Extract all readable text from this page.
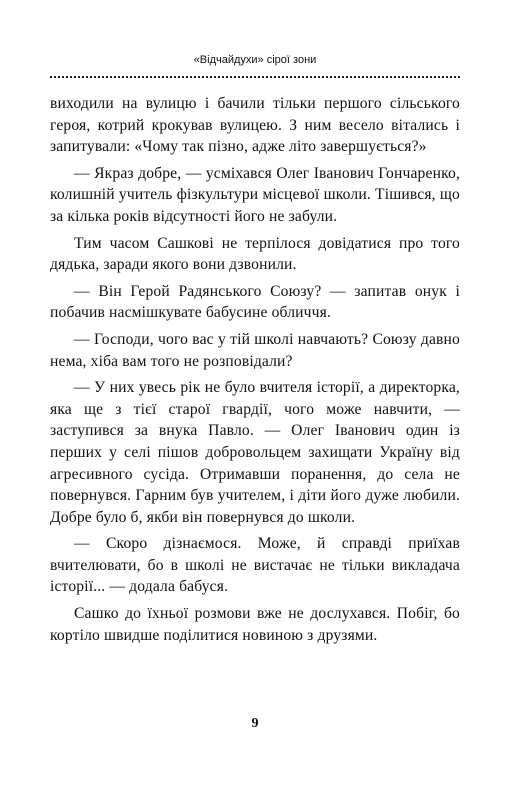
«Відчайдухи» сірої зони

виходили на вулицю і бачили тільки першого сільського героя, котрий крокував вулицею. З ним весело вітались і запитували: «Чому так пізно, адже літо завершується?»

— Якраз добре, — усміхався Олег Іванович Гончаренко, колишній учитель фізкультури місцевої школи. Тішився, що за кілька років відсутності його не забули.

Тим часом Сашкові не терпілося довідатися про того дядька, заради якого вони дзвонили.

— Він Герой Радянського Союзу? — запитав онук і побачив насмішкувате бабусине обличчя.

— Господи, чого вас у тій школі навчають? Союзу давно нема, хіба вам того не розповідали?

— У них увесь рік не було вчителя історії, а директорка, яка ще з тієї старої гвардії, чого може навчити, — заступився за внука Павло. — Олег Іванович один із перших у селі пішов добровольцем захищати Україну від агресивного сусіда. Отримавши поранення, до села не повернувся. Гарним був учителем, і діти його дуже любили. Добре було б, якби він повернувся до школи.

— Скоро дізнаємося. Може, й справді приїхав вчителювати, бо в школі не вистачає не тільки викладача історії... — додала бабуся.

Сашко до їхньої розмови вже не дослухався. Побіг, бо кортіло швидше поділитися новиною з друзями.

9
